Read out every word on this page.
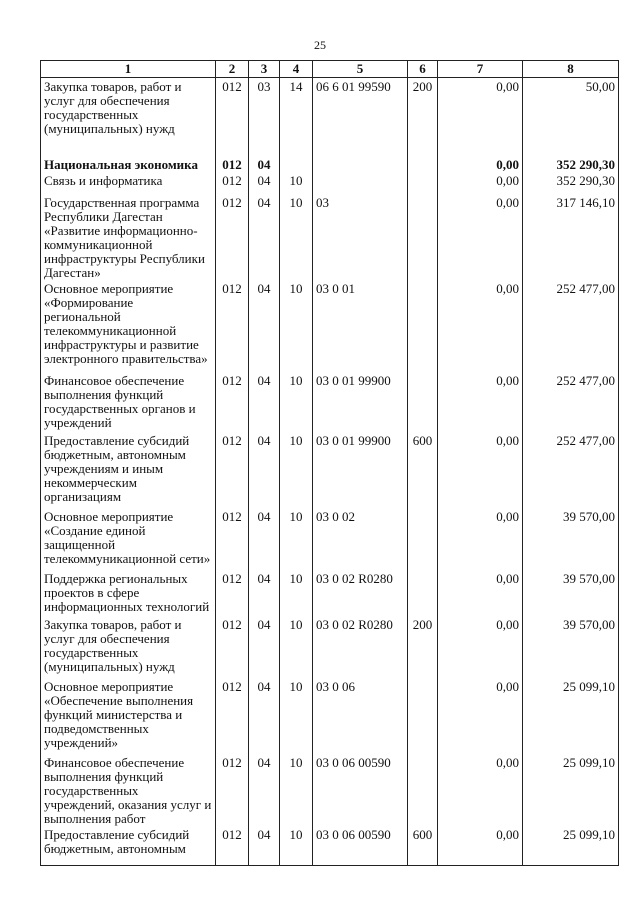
25
1	2	3	4	5	6	7	8
Закупка товаров, работ и услуг для обеспечения государственных (муниципальных) нужд	012	03	14	06 6 01 99590	200	0,00	50,00
Национальная экономика	012	04				0,00	352 290,30
Связь и информатика	012	04	10			0,00	352 290,30
Государственная программа Республики Дагестан «Развитие информационно-коммуникационной инфраструктуры Республики Дагестан»	012	04	10	03		0,00	317 146,10
Основное мероприятие «Формирование региональной телекоммуникационной инфраструктуры и развитие электронного правительства»	012	04	10	03 0 01		0,00	252 477,00
Финансовое обеспечение выполнения функций государственных органов и учреждений	012	04	10	03 0 01 99900		0,00	252 477,00
Предоставление субсидий бюджетным, автономным учреждениям и иным некоммерческим организациям	012	04	10	03 0 01 99900	600	0,00	252 477,00
Основное мероприятие «Создание единой защищенной телекоммуникационной сети»	012	04	10	03 0 02		0,00	39 570,00
Поддержка региональных проектов в сфере информационных технологий	012	04	10	03 0 02 R0280		0,00	39 570,00
Закупка товаров, работ и услуг для обеспечения государственных (муниципальных) нужд	012	04	10	03 0 02 R0280	200	0,00	39 570,00
Основное мероприятие «Обеспечение выполнения функций министерства и подведомственных учреждений»	012	04	10	03 0 06		0,00	25 099,10
Финансовое обеспечение выполнения функций государственных учреждений, оказания услуг и выполнения работ	012	04	10	03 0 06 00590		0,00	25 099,10
Предоставление субсидий бюджетным, автономным	012	04	10	03 0 06 00590	600	0,00	25 099,10
